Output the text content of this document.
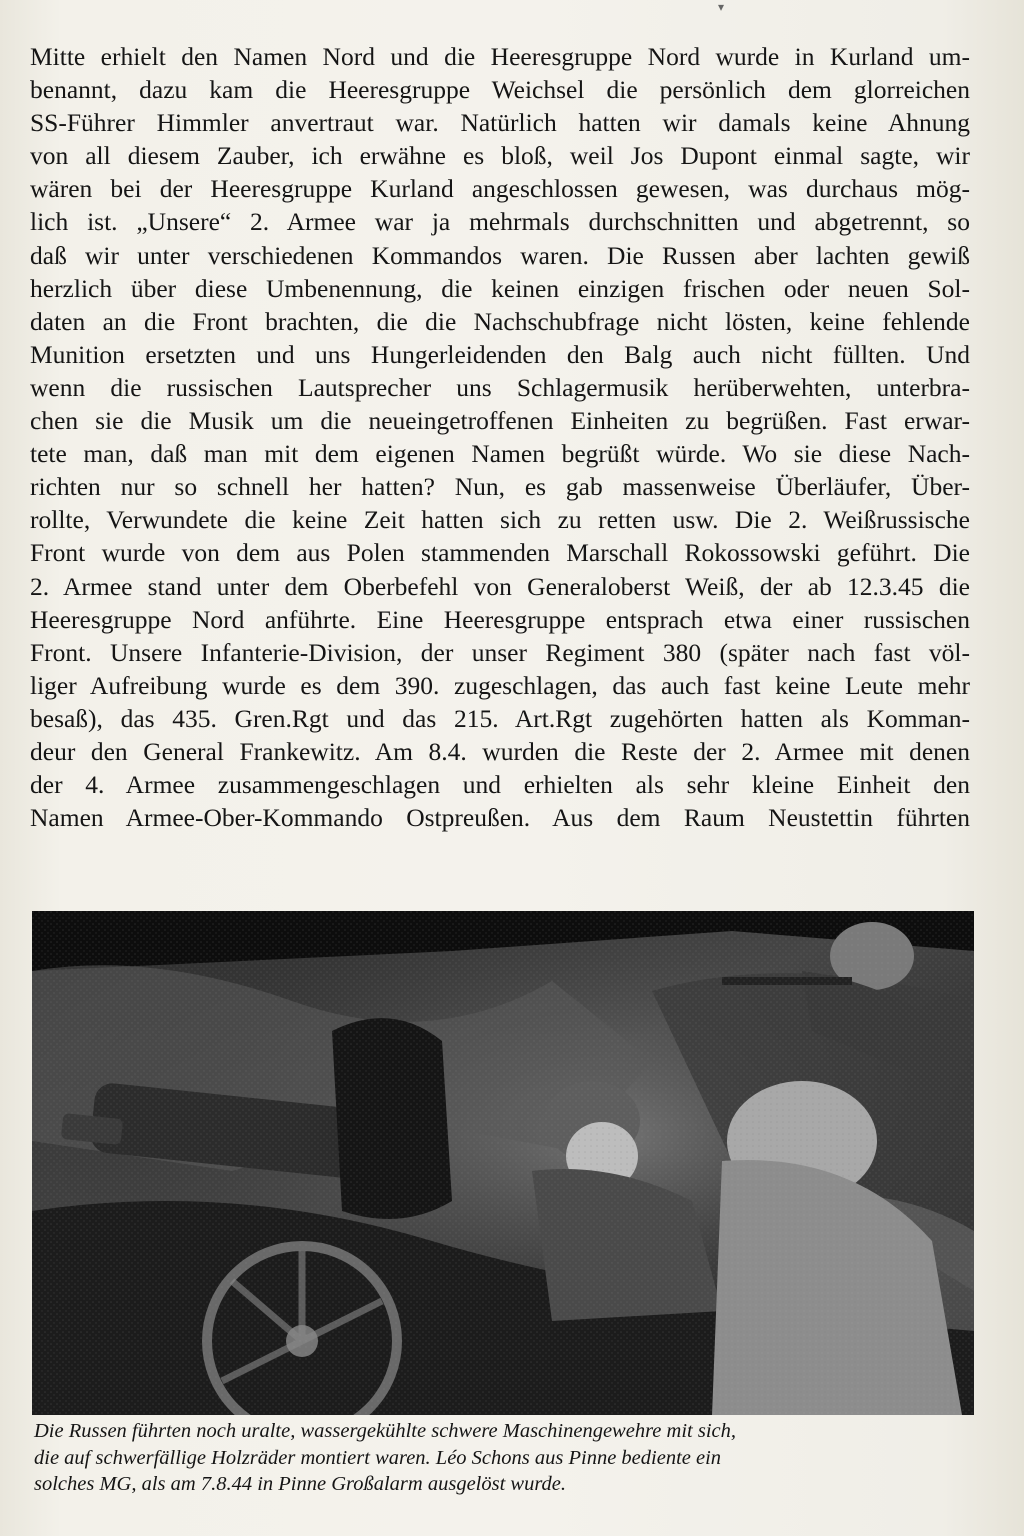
Mitte erhielt den Namen Nord und die Heeresgruppe Nord wurde in Kurland um-
benannt, dazu kam die Heeresgruppe Weichsel die persönlich dem glorreichen
SS-Führer Himmler anvertraut war. Natürlich hatten wir damals keine Ahnung
von all diesem Zauber, ich erwähne es bloß, weil Jos Dupont einmal sagte, wir
wären bei der Heeresgruppe Kurland angeschlossen gewesen, was durchaus mög-
lich ist. „Unsere“ 2. Armee war ja mehrmals durchschnitten und abgetrennt, so
daß wir unter verschiedenen Kommandos waren. Die Russen aber lachten gewiß
herzlich über diese Umbenennung, die keinen einzigen frischen oder neuen Sol-
daten an die Front brachten, die die Nachschubfrage nicht lösten, keine fehlende
Munition ersetzten und uns Hungerleidenden den Balg auch nicht füllten. Und
wenn die russischen Lautsprecher uns Schlagermusik herüberwehten, unterbra-
chen sie die Musik um die neueingetroffenen Einheiten zu begrüßen. Fast erwar-
tete man, daß man mit dem eigenen Namen begrüßt würde. Wo sie diese Nach-
richten nur so schnell her hatten? Nun, es gab massenweise Überläufer, Über-
rollte, Verwundete die keine Zeit hatten sich zu retten usw. Die 2. Weißrussische
Front wurde von dem aus Polen stammenden Marschall Rokossowski geführt. Die
2. Armee stand unter dem Oberbefehl von Generaloberst Weiß, der ab 12.3.45 die
Heeresgruppe Nord anführte. Eine Heeresgruppe entsprach etwa einer russischen
Front. Unsere Infanterie-Division, der unser Regiment 380 (später nach fast völ-
liger Aufreibung wurde es dem 390. zugeschlagen, das auch fast keine Leute mehr
besaß), das 435. Gren.Rgt und das 215. Art.Rgt zugehörten hatten als Komman-
deur den General Frankewitz. Am 8.4. wurden die Reste der 2. Armee mit denen
der 4. Armee zusammengeschlagen und erhielten als sehr kleine Einheit den
Namen Armee-Ober-Kommando Ostpreußen. Aus dem Raum Neustettin führten
Die Russen führten noch uralte, wassergekühlte schwere Maschinengewehre mit sich,
die auf schwerfällige Holzräder montiert waren. Léo Schons aus Pinne bediente ein
solches MG, als am 7.8.44 in Pinne Großalarm ausgelöst wurde.
▾
